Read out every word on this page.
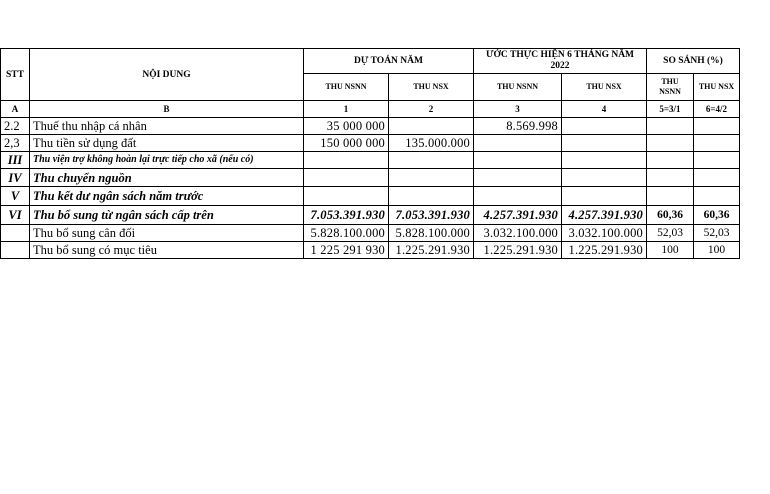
STT	NỘI DUNG	DỰ TOÁN NĂM		ƯỚC THỰC HIỆN 6 THÁNG NĂM 2022		SO SÁNH (%)	
		THU NSNN	THU NSX	THU NSNN	THU NSX	THU NSNN	THU NSX
A	B	1	2	3	4	5=3/1	6=4/2
2.2	Thuế thu nhập cá nhân	35 000 000		8.569.998			
2,3	Thu tiền sử dụng đất	150 000 000	135.000.000				
III	Thu viện trợ không hoàn lại trực tiếp cho xã (nếu có)						
IV	Thu chuyển nguồn						
V	Thu kết dư ngân sách năm trước						
VI	Thu bổ sung từ ngân sách cấp trên	7.053.391.930	7.053.391.930	4.257.391.930	4.257.391.930	60,36	60,36
	Thu bổ sung cân đối	5.828.100.000	5.828.100.000	3.032.100.000	3.032.100.000	52,03	52,03
	Thu bổ sung có mục tiêu	1 225 291 930	1.225.291.930	1.225.291.930	1.225.291.930	100	100
